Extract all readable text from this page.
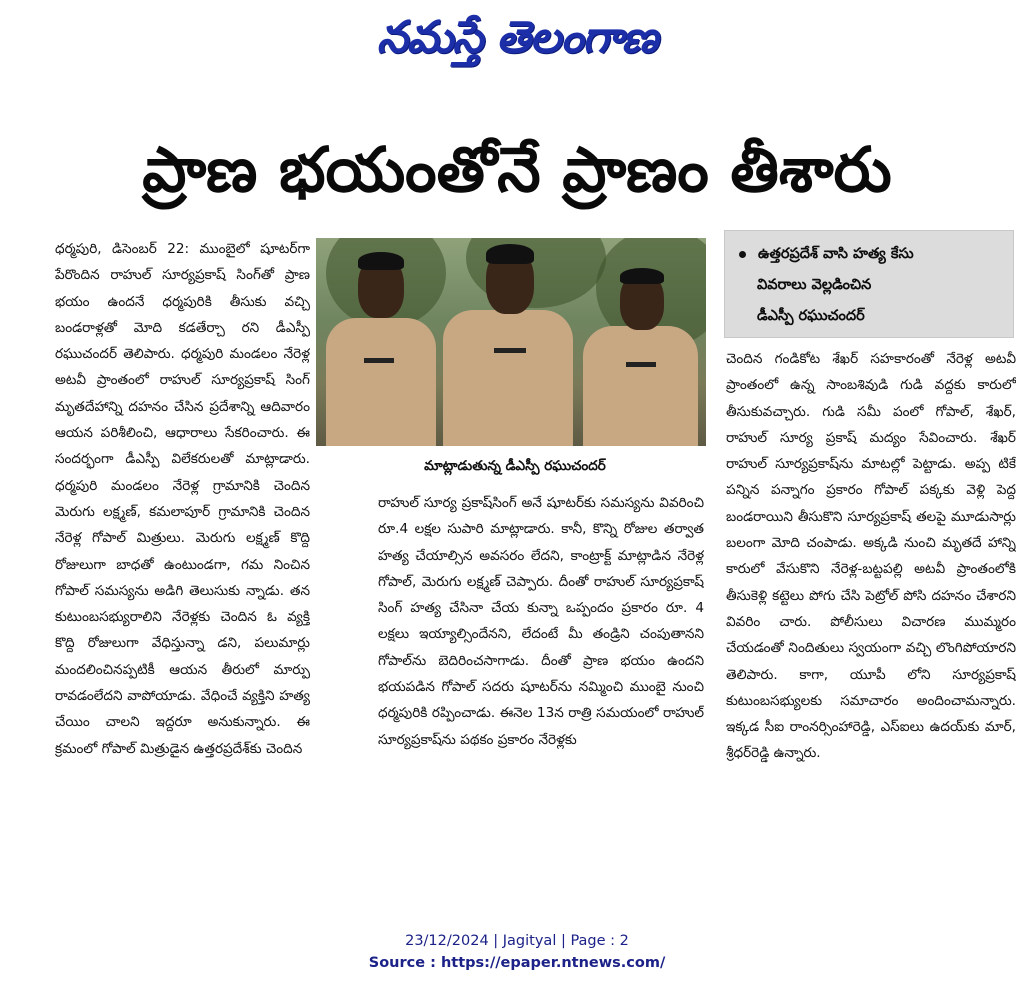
నమస్తే తెలంగాణ
ప్రాణ భయంతోనే ప్రాణం తీశారు

ధర్మపురి, డిసెంబర్ 22: ముంబైలో షూటర్‌గా పేరొందిన రాహుల్ సూర్యప్రకాష్ సింగ్‌తో ప్రాణ భయం ఉందనే ధర్మపురికి తీసుకు వచ్చి బండరాళ్లతో మోది కడతేర్చా రని డీఎస్పీ రఘుచందర్ తెలిపారు. ధర్మపురి మండలం నేరెళ్ల అటవీ ప్రాంతంలో రాహుల్ సూర్యప్రకాష్ సింగ్ మృతదేహాన్ని దహనం చేసిన ప్రదేశాన్ని ఆదివారం ఆయన పరిశీలించి, ఆధారాలు సేకరించారు. ఈ సందర్భంగా డీఎస్పీ విలేకరులతో మాట్లాడారు. ధర్మపురి మండలం నేరెళ్ల గ్రామానికి చెందిన మెరుగు లక్ష్మణ్, కమలాపూర్ గ్రామానికి చెందిన నేరెళ్ల గోపాల్ మిత్రులు. మెరుగు లక్ష్మణ్ కొద్ది రోజులుగా బాధతో ఉంటుండగా, గమ నించిన గోపాల్ సమస్యను అడిగి తెలుసుకు న్నాడు. తన కుటుంబసభ్యురాలిని నేరెళ్లకు చెందిన ఓ వ్యక్తి కొద్ది రోజులుగా వేధిస్తున్నా డని, పలుమార్లు మందలించినప్పటికీ ఆయన తీరులో మార్పు రావడంలేదని వాపోయాడు. వేధించే వ్యక్తిని హత్య చేయిం చాలని ఇద్దరూ అనుకున్నారు. ఈ క్రమంలో గోపాల్ మిత్రుడైన ఉత్తరప్రదేశ్‌కు చెందిన

మాట్లాడుతున్న డీఎస్పీ రఘుచందర్

రాహుల్ సూర్య ప్రకాష్‌సింగ్ అనే షూటర్‌కు సమస్యను వివరించి రూ.4 లక్షల సుపారి మాట్లాడారు. కానీ, కొన్ని రోజుల తర్వాత హత్య చేయాల్సిన అవసరం లేదని, కాంట్రాక్ట్ మాట్లాడిన నేరెళ్ల గోపాల్, మెరుగు లక్ష్మణ్ చెప్పారు. దీంతో రాహుల్ సూర్యప్రకాష్ సింగ్ హత్య చేసినా చేయ కున్నా ఒప్పందం ప్రకారం రూ. 4 లక్షలు ఇయ్యాల్సిందేనని, లేదంటే మీ తండ్రిని చంపుతానని గోపాల్‌ను బెదిరించసాగాడు. దీంతో ప్రాణ భయం ఉందని భయపడిన గోపాల్ సదరు షూటర్‌ను నమ్మించి ముంబై నుంచి ధర్మపురికి రప్పించాడు. ఈనెల 13న రాత్రి సమయంలో రాహుల్ సూర్యప్రకాష్‌ను పథకం ప్రకారం నేరెళ్లకు

ఉత్తరప్రదేశ్ వాసి హత్య కేసు
వివరాలు వెల్లడించిన
డీఎస్పీ రఘుచందర్

చెందిన గండికోట శేఖర్ సహకారంతో నేరెళ్ల అటవీ ప్రాంతంలో ఉన్న సాంబశివుడి గుడి వద్దకు కారులో తీసుకువచ్చారు. గుడి సమీ పంలో గోపాల్, శేఖర్, రాహుల్ సూర్య ప్రకాష్ మద్యం సేవించారు. శేఖర్ రాహుల్ సూర్యప్రకాష్‌ను మాటల్లో పెట్టాడు. అప్ప టికే పన్నిన పన్నాగం ప్రకారం గోపాల్ పక్కకు వెళ్లి పెద్ద బండరాయిని తీసుకొని సూర్యప్రకాష్ తలపై మూడుసార్లు బలంగా మోది చంపాడు. అక్కడి నుంచి మృతదే హాన్ని కారులో వేసుకొని నేరెళ్ల-బట్టపల్లి అటవీ ప్రాంతంలోకి తీసుకెళ్లి కట్టెలు పోగు చేసి పెట్రోల్ పోసి దహనం చేశారని వివరిం చారు. పోలీసులు విచారణ ముమ్మరం చేయడంతో నిందితులు స్వయంగా వచ్చి లొంగిపోయారని తెలిపారు. కాగా, యూపీ లోని సూర్యప్రకాష్ కుటుంబసభ్యులకు సమాచారం అందించామన్నారు. ఇక్కడ సీఐ రాంనర్సింహారెడ్డి, ఎస్‌ఐలు ఉదయ్‌కు మార్, శ్రీధర్‌రెడ్డి ఉన్నారు.

23/12/2024 | Jagityal | Page : 2
Source : https://epaper.ntnews.com/
